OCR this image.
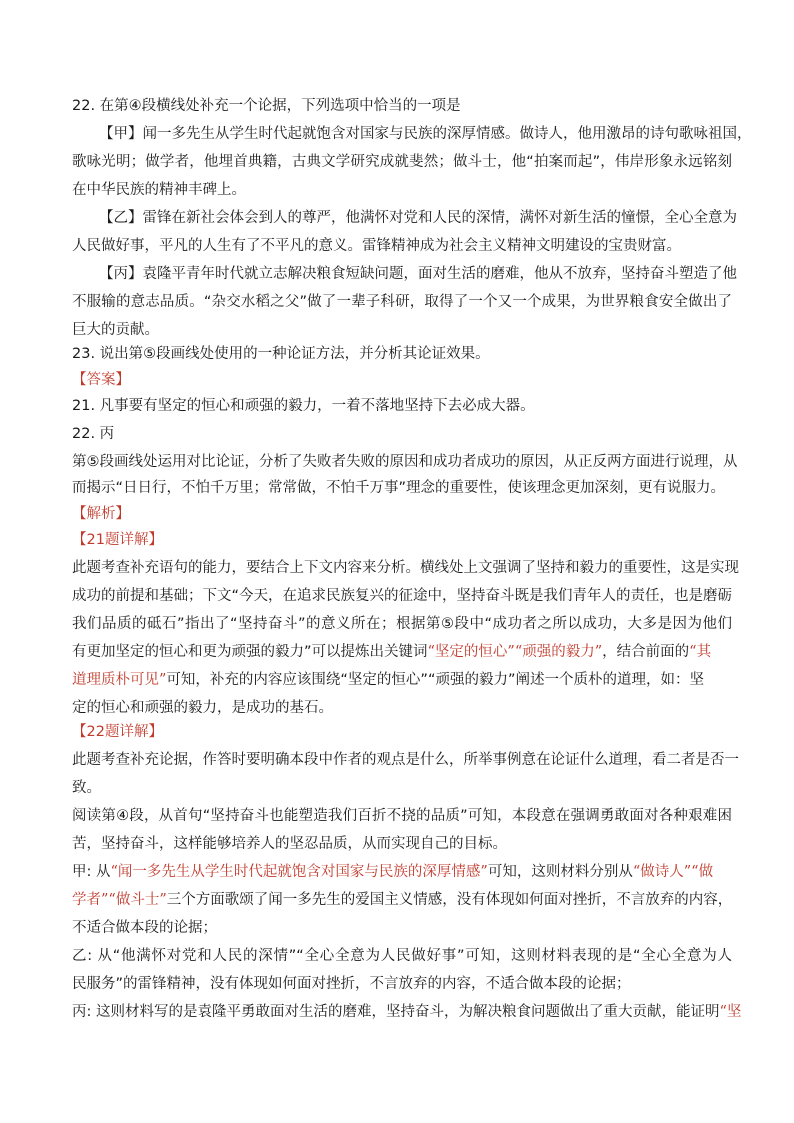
22. 在第④段横线处补充一个论据，下列选项中恰当的一项是
【甲】闻一多先生从学生时代起就饱含对国家与民族的深厚情感。做诗人，他用激昂的诗句歌咏祖国，
歌咏光明；做学者，他埋首典籍，古典文学研究成就斐然；做斗士，他“拍案而起”，伟岸形象永远铭刻
在中华民族的精神丰碑上。
【乙】雷锋在新社会体会到人的尊严，他满怀对党和人民的深情，满怀对新生活的憧憬，全心全意为
人民做好事，平凡的人生有了不平凡的意义。雷锋精神成为社会主义精神文明建设的宝贵财富。
【丙】袁隆平青年时代就立志解决粮食短缺问题，面对生活的磨难，他从不放弃，坚持奋斗塑造了他
不服输的意志品质。“杂交水稻之父”做了一辈子科研，取得了一个又一个成果，为世界粮食安全做出了
巨大的贡献。
23. 说出第⑤段画线处使用的一种论证方法，并分析其论证效果。
【答案】
21. 凡事要有坚定的恒心和顽强的毅力，一着不落地坚持下去必成大器。
22. 丙
第⑤段画线处运用对比论证，分析了失败者失败的原因和成功者成功的原因，从正反两方面进行说理，从
而揭示“日日行，不怕千万里；常常做，不怕千万事”理念的重要性，使该理念更加深刻，更有说服力。
【解析】
【21题详解】
此题考查补充语句的能力，要结合上下文内容来分析。横线处上文强调了坚持和毅力的重要性，这是实现
成功的前提和基础；下文“今天，在追求民族复兴的征途中，坚持奋斗既是我们青年人的责任，也是磨砺
我们品质的砥石”指出了“坚持奋斗”的意义所在；根据第⑤段中“成功者之所以成功，大多是因为他们
有更加坚定的恒心和更为顽强的毅力”可以提炼出关键词“坚定的恒心”“顽强的毅力”，结合前面的“其
道理质朴可见”可知，补充的内容应该围绕“坚定的恒心”“顽强的毅力”阐述一个质朴的道理，如：坚
定的恒心和顽强的毅力，是成功的基石。
【22题详解】
此题考查补充论据，作答时要明确本段中作者的观点是什么，所举事例意在论证什么道理，看二者是否一
致。
阅读第④段，从首句“坚持奋斗也能塑造我们百折不挠的品质”可知，本段意在强调勇敢面对各种艰难困
苦，坚持奋斗，这样能够培养人的坚忍品质，从而实现自己的目标。
甲: 从“闻一多先生从学生时代起就饱含对国家与民族的深厚情感”可知，这则材料分别从“做诗人”“做
学者”“做斗士”三个方面歌颂了闻一多先生的爱国主义情感，没有体现如何面对挫折，不言放弃的内容，
不适合做本段的论据；
乙: 从“他满怀对党和人民的深情”“全心全意为人民做好事”可知，这则材料表现的是“全心全意为人
民服务”的雷锋精神，没有体现如何面对挫折，不言放弃的内容，不适合做本段的论据；
丙: 这则材料写的是袁隆平勇敢面对生活的磨难，坚持奋斗，为解决粮食问题做出了重大贡献，能证明“坚
